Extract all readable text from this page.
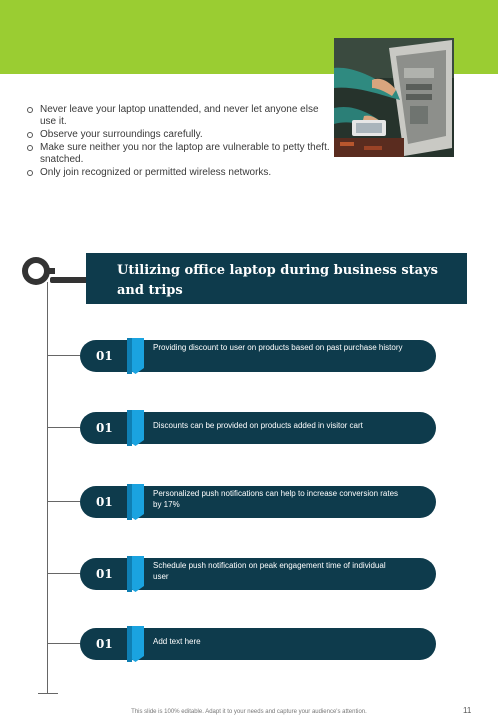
Never leave your laptop unattended, and never let anyone else use it.
Observe your surroundings carefully.
Make sure neither you nor the laptop are vulnerable to petty theft. snatched.
Only join recognized or permitted wireless networks.
Utilizing office laptop during business stays and trips
01
Providing discount to user on products based on past purchase history
01	Discounts can be provided on products added in visitor cart
01
Personalized push notifications can help to increase conversion rates by 17%
01
Schedule push notification on peak engagement time of individual user
01	Add text here
This slide is 100% editable. Adapt it to your needs and capture your audience's attention.	11
